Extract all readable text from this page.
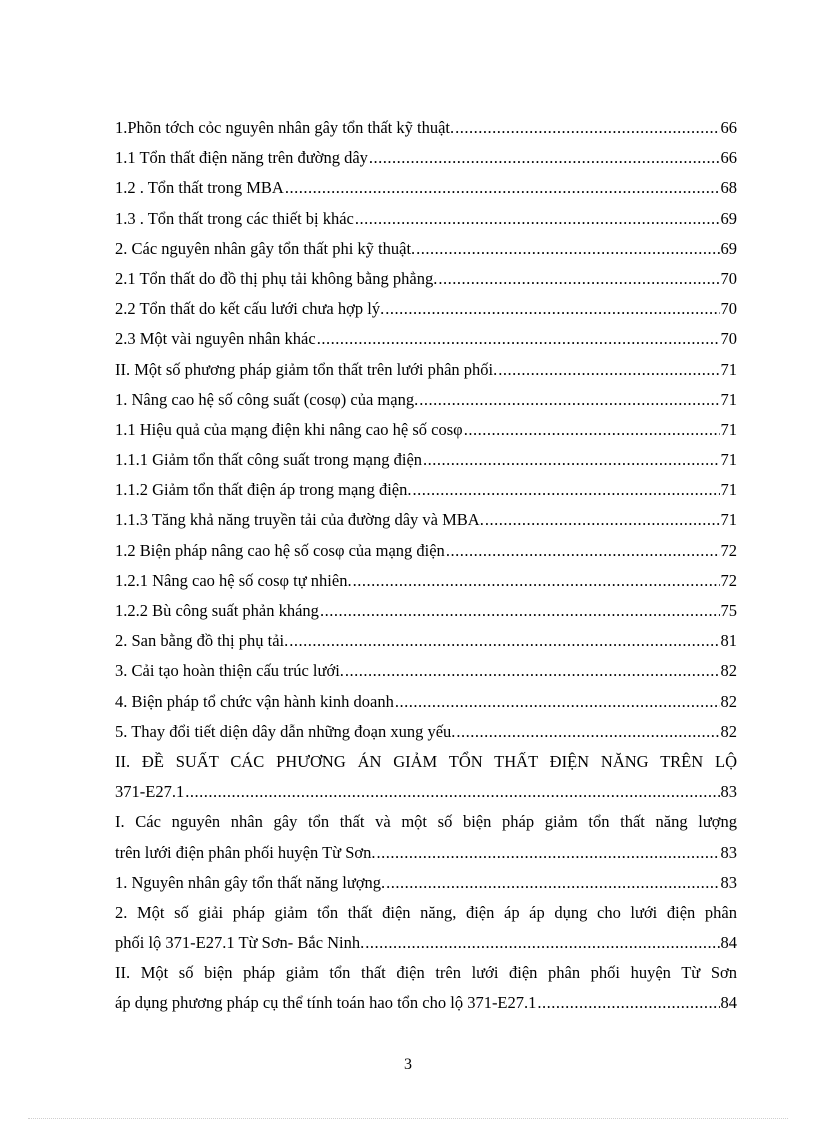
1.Phõn tớch cỏc nguyên nhân gây tổn thất kỹ thuật. .....	66
1.1 Tổn thất điện năng trên đường dây .....	66
1.2 . Tổn thất trong MBA .....	68
1.3 . Tổn thất trong các thiết bị khác .....	69
2. Các nguyên nhân gây tổn thất phi kỹ thuật. .....	69
2.1 Tổn thất do đồ thị phụ tải không bằng phẳng. .....	70
2.2 Tổn thất do kết cấu lưới chưa hợp lý. .....	70
2.3 Một vài nguyên nhân khác .....	70
II. Một số phương pháp giảm tổn thất trên lưới phân phối. .....	71
1. Nâng cao hệ số công suất (cosφ) của mạng. .....	71
1.1 Hiệu quả của mạng điện khi nâng cao hệ số cosφ .....	71
1.1.1 Giảm tổn thất công suất trong mạng điện .....	71
1.1.2 Giảm tổn thất điện áp trong mạng điện. .....	71
1.1.3 Tăng khả năng truyền tải của đường dây và MBA. .....	71
1.2 Biện pháp nâng cao hệ số cosφ của mạng điện .....	72
1.2.1 Nâng cao hệ số cosφ tự nhiên. .....	72
1.2.2 Bù công suất phản kháng .....	75
2. San bằng đồ thị phụ tải. .....	81
3. Cải tạo hoàn thiện cấu trúc lưới. .....	82
4. Biện pháp tổ chức vận hành kinh doanh .....	82
5. Thay đổi tiết diện dây dẫn những đoạn xung yếu. .....	82
II. ĐỀ SUẤT CÁC PHƯƠNG ÁN GIẢM TỔN THẤT ĐIỆN NĂNG TRÊN LỘ
371-E27.1 .....	83
I. Các nguyên nhân gây tổn thất và một số biện pháp giảm tổn thất năng lượng
trên lưới điện phân phối huyện Từ Sơn. .....	83
1. Nguyên nhân gây tổn thất năng lượng. .....	83
2. Một số giải pháp giảm tổn thất điện năng, điện áp áp dụng cho lưới điện phân
phối lộ 371-E27.1 Từ Sơn- Bắc Ninh. .....	84
II. Một số biện pháp giảm tổn thất điện trên lưới điện phân phối huyện Từ Sơn
áp dụng phương pháp cụ thể tính toán hao tổn cho lộ 371-E27.1 .....	84
3
